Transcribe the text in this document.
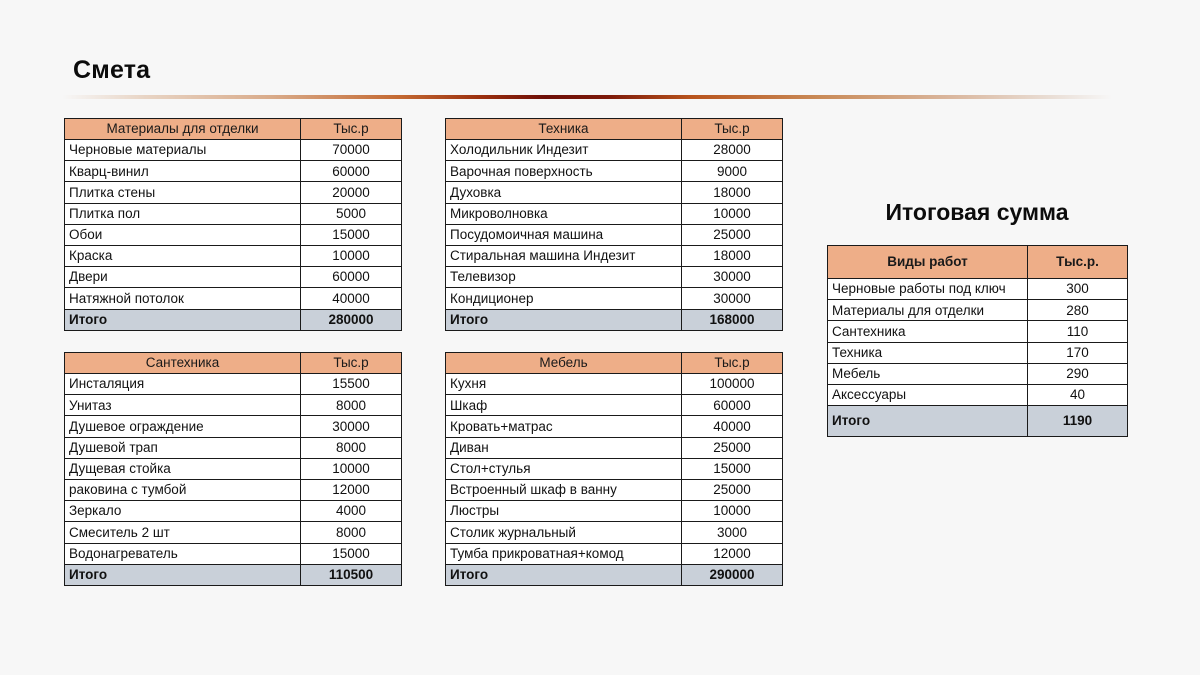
Смета
Материалы для отделки	Тыс.р
Черновые материалы	70000
Кварц-винил	60000
Плитка стены	20000
Плитка пол	5000
Обои	15000
Краска	10000
Двери	60000
Натяжной потолок	40000
Итого	280000
Техника	Тыс.р
Холодильник Индезит	28000
Варочная поверхность	9000
Духовка	18000
Микроволновка	10000
Посудомоичная машина	25000
Стиральная машина Индезит	18000
Телевизор	30000
Кондиционер	30000
Итого	168000
Сантехника	Тыс.р
Инсталяция	15500
Унитаз	8000
Душевое ограждение	30000
Душевой трап	8000
Дущевая стойка	10000
раковина с тумбой	12000
Зеркало	4000
Смеситель 2 шт	8000
Водонагреватель	15000
Итого	110500
Мебель	Тыс.р
Кухня	100000
Шкаф	60000
Кровать+матрас	40000
Диван	25000
Стол+стулья	15000
Встроенный шкаф в ванну	25000
Люстры	10000
Столик журнальный	3000
Тумба прикроватная+комод	12000
Итого	290000
Итоговая сумма
Виды работ	Тыс.р.
Черновые работы под ключ	300
Материалы для отделки	280
Сантехника	110
Техника	170
Мебель	290
Аксессуары	40
Итого	1190
